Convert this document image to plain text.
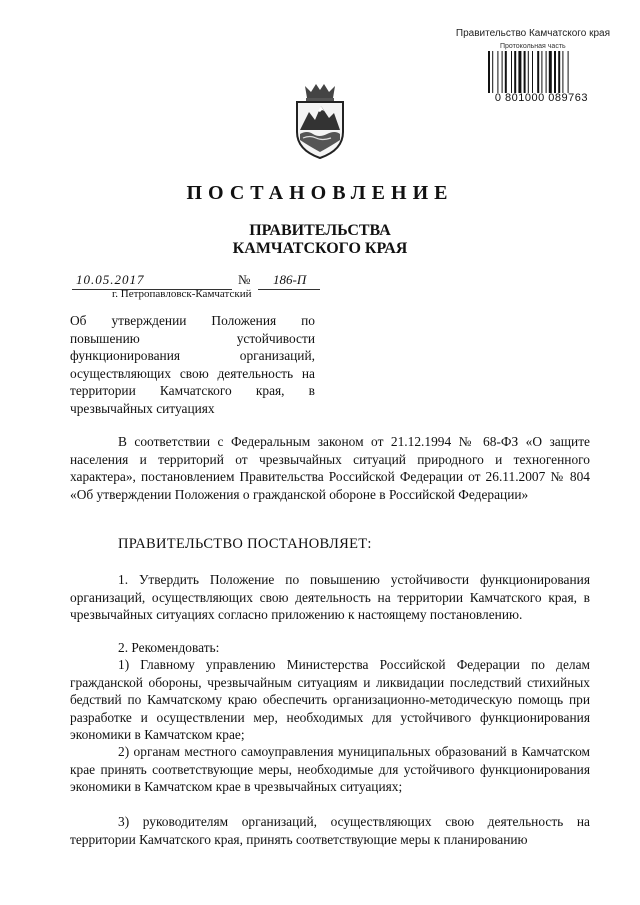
Правительство Камчатского края
Протокольная часть
0 801000 089763
ПОСТАНОВЛЕНИЕ
ПРАВИТЕЛЬСТВА
КАМЧАТСКОГО КРАЯ
10.05.2017	№ 186-П
г. Петропавловск-Камчатский
Об утверждении Положения по повышению устойчивости функционирования организаций, осуществляющих свою деятельность на территории Камчатского края, в чрезвычайных ситуациях
В соответствии с Федеральным законом от 21.12.1994 № 68-ФЗ «О защите населения и территорий от чрезвычайных ситуаций природного и техногенного характера», постановлением Правительства Российской Федерации от 26.11.2007 № 804 «Об утверждении Положения о гражданской обороне в Российской Федерации»
ПРАВИТЕЛЬСТВО ПОСТАНОВЛЯЕТ:
1. Утвердить Положение по повышению устойчивости функционирования организаций, осуществляющих свою деятельность на территории Камчатского края, в чрезвычайных ситуациях согласно приложению к настоящему постановлению.
2. Рекомендовать:
1) Главному управлению Министерства Российской Федерации по делам гражданской обороны, чрезвычайным ситуациям и ликвидации последствий стихийных бедствий по Камчатскому краю обеспечить организационно-методическую помощь при разработке и осуществлении мер, необходимых для устойчивого функционирования экономики в Камчатском крае;
2) органам местного самоуправления муниципальных образований в Камчатском крае принять соответствующие меры, необходимые для устойчивого функционирования экономики в Камчатском крае в чрезвычайных ситуациях;
3) руководителям организаций, осуществляющих свою деятельность на территории Камчатского края, принять соответствующие меры к планированию
